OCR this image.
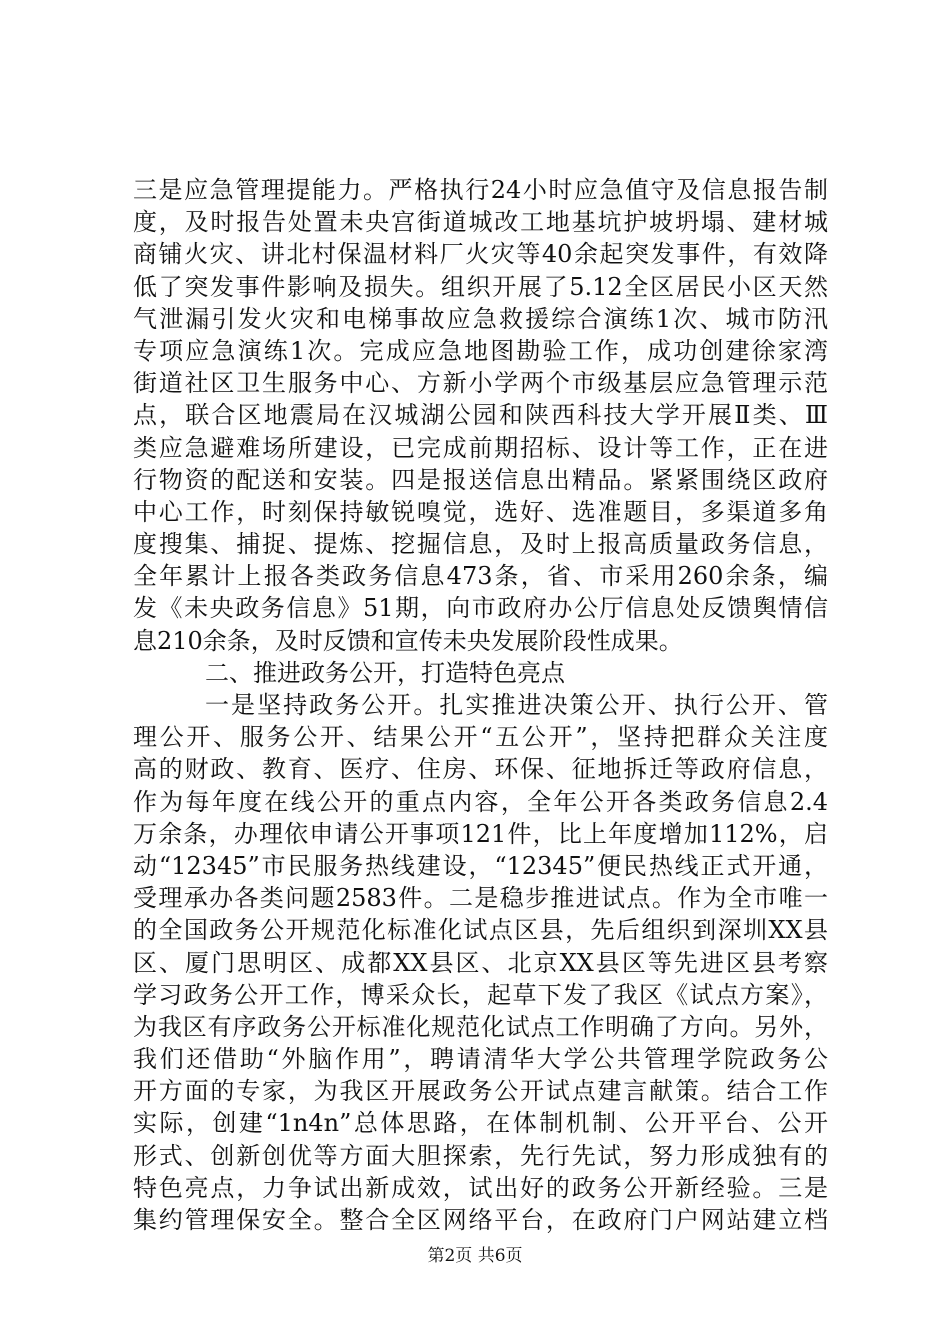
三是应急管理提能力。严格执行24小时应急值守及信息报告制
度，及时报告处置未央宫街道城改工地基坑护坡坍塌、建材城
商铺火灾、讲北村保温材料厂火灾等40余起突发事件，有效降
低了突发事件影响及损失。组织开展了5.12全区居民小区天然
气泄漏引发火灾和电梯事故应急救援综合演练1次、城市防汛
专项应急演练1次。完成应急地图勘验工作，成功创建徐家湾
街道社区卫生服务中心、方新小学两个市级基层应急管理示范
点，联合区地震局在汉城湖公园和陕西科技大学开展Ⅱ类、Ⅲ
类应急避难场所建设，已完成前期招标、设计等工作，正在进
行物资的配送和安装。四是报送信息出精品。紧紧围绕区政府
中心工作，时刻保持敏锐嗅觉，选好、选准题目，多渠道多角
度搜集、捕捉、提炼、挖掘信息，及时上报高质量政务信息，
全年累计上报各类政务信息473条，省、市采用260余条，编
发《未央政务信息》51期，向市政府办公厅信息处反馈舆情信
息210余条，及时反馈和宣传未央发展阶段性成果。
二、推进政务公开，打造特色亮点
一是坚持政务公开。扎实推进决策公开、执行公开、管
理公开、服务公开、结果公开“五公开”，坚持把群众关注度
高的财政、教育、医疗、住房、环保、征地拆迁等政府信息，
作为每年度在线公开的重点内容，全年公开各类政务信息2.4
万余条，办理依申请公开事项121件，比上年度增加112%，启
动“12345”市民服务热线建设，“12345”便民热线正式开通，
受理承办各类问题2583件。二是稳步推进试点。作为全市唯一
的全国政务公开规范化标准化试点区县，先后组织到深圳XX县
区、厦门思明区、成都XX县区、北京XX县区等先进区县考察
学习政务公开工作，博采众长，起草下发了我区《试点方案》，
为我区有序政务公开标准化规范化试点工作明确了方向。另外，
我们还借助“外脑作用”，聘请清华大学公共管理学院政务公
开方面的专家，为我区开展政务公开试点建言献策。结合工作
实际，创建“1n4n”总体思路，在体制机制、公开平台、公开
形式、创新创优等方面大胆探索，先行先试，努力形成独有的
特色亮点，力争试出新成效，试出好的政务公开新经验。三是
集约管理保安全。整合全区网络平台，在政府门户网站建立档
第2页 共6页
